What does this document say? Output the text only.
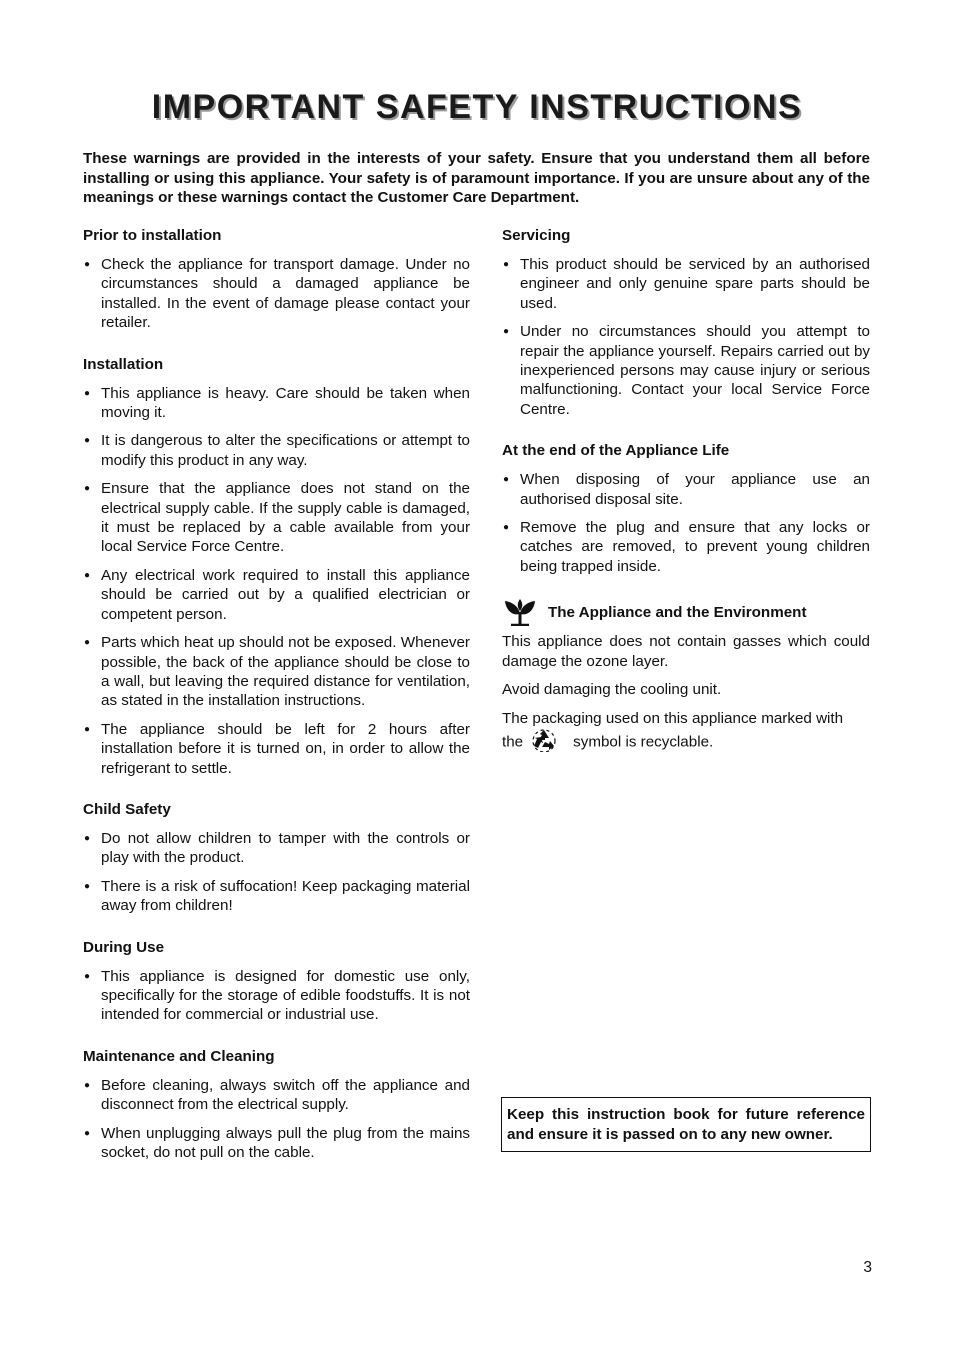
IMPORTANT SAFETY INSTRUCTIONS

These warnings are provided in the interests of your safety. Ensure that you understand them all before installing or using this appliance. Your safety is of paramount importance. If you are unsure about any of the meanings or these warnings contact the Customer Care Department.

Prior to installation
● Check the appliance for transport damage. Under no circumstances should a damaged appliance be installed. In the event of damage please contact your retailer.
Installation
● This appliance is heavy. Care should be taken when moving it.
● It is dangerous to alter the specifications or attempt to modify this product in any way.
● Ensure that the appliance does not stand on the electrical supply cable. If the supply cable is damaged, it must be replaced by a cable available from your local Service Force Centre.
● Any electrical work required to install this appliance should be carried out by a qualified electrician or competent person.
● Parts which heat up should not be exposed. Whenever possible, the back of the appliance should be close to a wall, but leaving the required distance for ventilation, as stated in the installation instructions.
● The appliance should be left for 2 hours after installation before it is turned on, in order to allow the refrigerant to settle.
Child Safety
● Do not allow children to tamper with the controls or play with the product.
● There is a risk of suffocation! Keep packaging material away from children!
During Use
● This appliance is designed for domestic use only, specifically for the storage of edible foodstuffs. It is not intended for commercial or industrial use.
Maintenance and Cleaning
● Before cleaning, always switch off the appliance and disconnect from the electrical supply.
● When unplugging always pull the plug from the mains socket, do not pull on the cable.
Servicing
● This product should be serviced by an authorised engineer and only genuine spare parts should be used.
● Under no circumstances should you attempt to repair the appliance yourself. Repairs carried out by inexperienced persons may cause injury or serious malfunctioning. Contact your local Service Force Centre.
At the end of the Appliance Life
● When disposing of your appliance use an authorised disposal site.
● Remove the plug and ensure that any locks or catches are removed, to prevent young children being trapped inside.
The Appliance and the Environment

This appliance does not contain gasses which could damage the ozone layer.

Avoid damaging the cooling unit.

The packaging used on this appliance marked with
the	symbol is recyclable.

Keep this instruction book for future reference and ensure it is passed on to any new owner.
3
